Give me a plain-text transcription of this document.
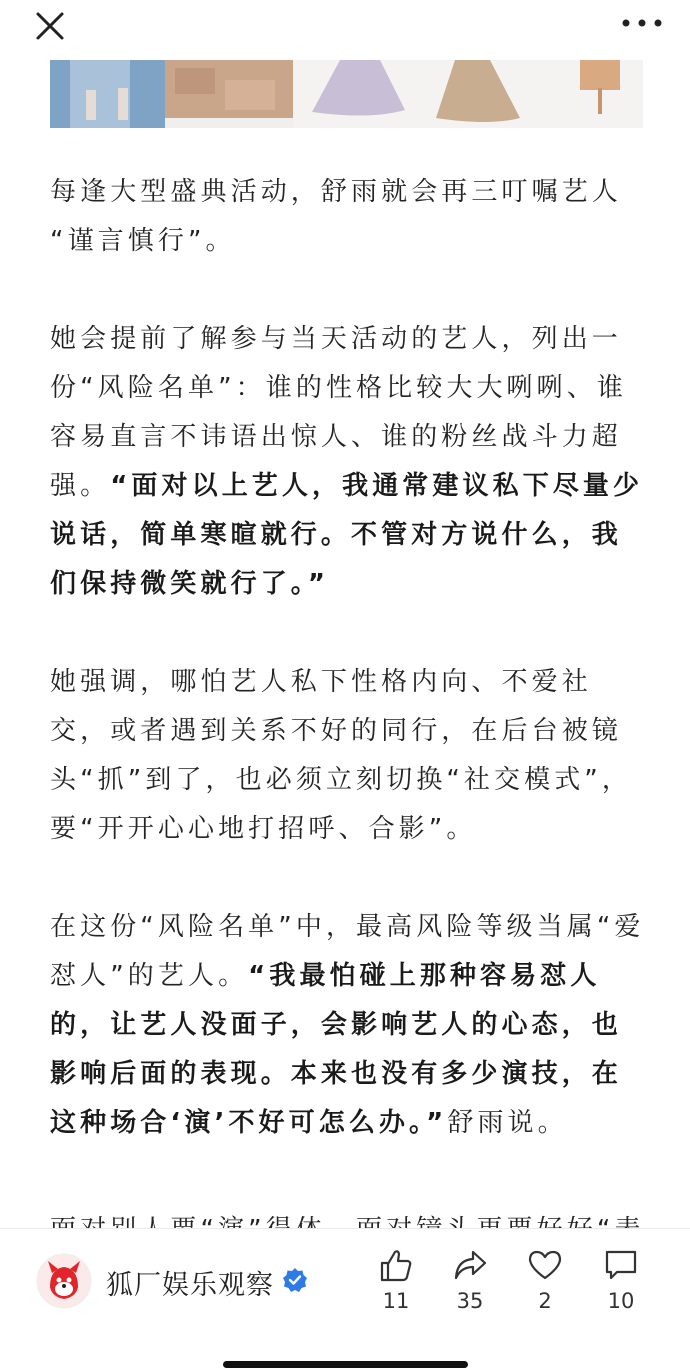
每逢大型盛典活动，舒雨就会再三叮嘱艺人

“谨言慎行”。

她会提前了解参与当天活动的艺人，列出一

份“风险名单”：谁的性格比较大大咧咧、谁

容易直言不讳语出惊人、谁的粉丝战斗力超

强。“面对以上艺人，我通常建议私下尽量少

说话，简单寒暄就行。不管对方说什么，我

们保持微笑就行了。”

她强调，哪怕艺人私下性格内向、不爱社

交，或者遇到关系不好的同行，在后台被镜

头“抓”到了，也必须立刻切换“社交模式”，

要“开开心心地打招呼、合影”。

在这份“风险名单”中，最高风险等级当属“爱

怼人”的艺人。“我最怕碰上那种容易怼人

的，让艺人没面子，会影响艺人的心态，也

影响后面的表现。本来也没有多少演技，在

这种场合‘演’不好可怎么办。”舒雨说。

狐厂娱乐观察	11	35	2	10
